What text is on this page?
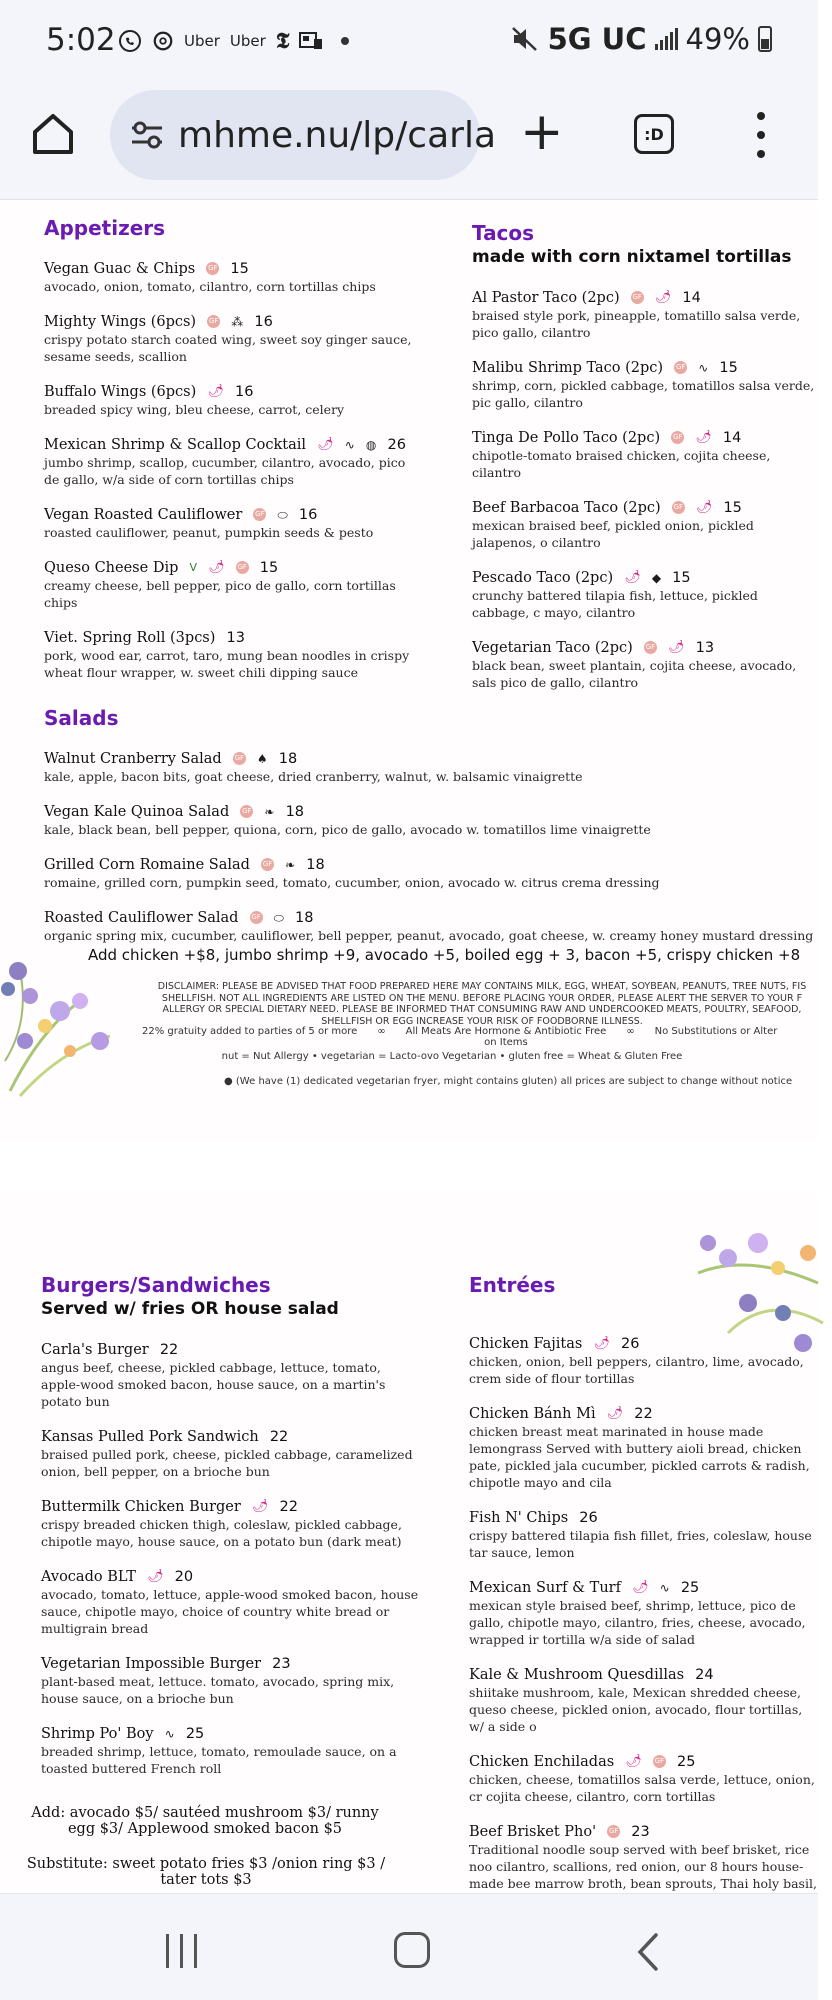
5:02	Uber Uber 𝕿	5G UC 49%
mhme.nu/lp/carla +	:D
Appetizers
Vegan Guac & Chips GF 15
avocado, onion, tomato, cilantro, corn tortillas chips
Mighty Wings (6pcs) GF ⁂ 16
crispy potato starch coated wing, sweet soy ginger sauce, sesame seeds, scallion
Buffalo Wings (6pcs) 🌶 16
breaded spicy wing, bleu cheese, carrot, celery
Mexican Shrimp & Scallop Cocktail 🌶 ∿ ◍ 26
jumbo shrimp, scallop, cucumber, cilantro, avocado, pico de gallo, w/a side of corn tortillas chips
Vegan Roasted Cauliflower GF ⬭ 16
roasted cauliflower, peanut, pumpkin seeds & pesto
Queso Cheese Dip V 🌶 GF 15
creamy cheese, bell pepper, pico de gallo, corn tortillas chips
Viet. Spring Roll (3pcs) 13
pork, wood ear, carrot, taro, mung bean noodles in crispy wheat flour wrapper, w. sweet chili dipping sauce
Tacos
made with corn nixtamel tortillas
Al Pastor Taco (2pc) GF 🌶 14
braised style pork, pineapple, tomatillo salsa verde, pico gallo, cilantro
Malibu Shrimp Taco (2pc) GF ∿ 15
shrimp, corn, pickled cabbage, tomatillos salsa verde, pic gallo, cilantro
Tinga De Pollo Taco (2pc) GF 🌶 14
chipotle-tomato braised chicken, cojita cheese, cilantro
Beef Barbacoa Taco (2pc) GF 🌶 15
mexican braised beef, pickled onion, pickled jalapenos, o cilantro
Pescado Taco (2pc) 🌶 ◆ 15
crunchy battered tilapia fish, lettuce, pickled cabbage, c mayo, cilantro
Vegetarian Taco (2pc) GF 🌶 13
black bean, sweet plantain, cojita cheese, avocado, sals pico de gallo, cilantro
Salads
Walnut Cranberry Salad GF ♠ 18
kale, apple, bacon bits, goat cheese, dried cranberry, walnut, w. balsamic vinaigrette
Vegan Kale Quinoa Salad GF ❧ 18
kale, black bean, bell pepper, quiona, corn, pico de gallo, avocado w. tomatillos lime vinaigrette
Grilled Corn Romaine Salad GF ❧ 18
romaine, grilled corn, pumpkin seed, tomato, cucumber, onion, avocado w. citrus crema dressing
Roasted Cauliflower Salad GF ⬭ 18
organic spring mix, cucumber, cauliflower, bell pepper, peanut, avocado, goat cheese, w. creamy honey mustard dressing
Add chicken +$8, jumbo shrimp +9, avocado +5, boiled egg + 3, bacon +5, crispy chicken +8
DISCLAIMER: PLEASE BE ADVISED THAT FOOD PREPARED HERE MAY CONTAINS MILK, EGG, WHEAT, SOYBEAN, PEANUTS, TREE NUTS, FIS SHELLFISH. NOT ALL INGREDIENTS ARE LISTED ON THE MENU. BEFORE PLACING YOUR ORDER, PLEASE ALERT THE SERVER TO YOUR F ALLERGY OR SPECIAL DIETARY NEED. PLEASE BE INFORMED THAT CONSUMING RAW AND UNDERCOOKED MEATS, POULTRY, SEAFOOD, SHELLFISH OR EGG INCREASE YOUR RISK OF FOODBORNE ILLNESS.
22% gratuity added to parties of 5 or more ∞ All Meats Are Hormone & Antibiotic Free
on Items
∞ No Substitutions or Alter
nut = Nut Allergy • vegetarian = Lacto-ovo Vegetarian • gluten free = Wheat & Gluten Free
● (We have (1) dedicated vegetarian fryer, might contains gluten) all prices are subject to change without notice
Burgers/Sandwiches
Served w/ fries OR house salad
Carla's Burger 22
angus beef, cheese, pickled cabbage, lettuce, tomato, apple-wood smoked bacon, house sauce, on a martin's potato bun
Kansas Pulled Pork Sandwich 22
braised pulled pork, cheese, pickled cabbage, caramelized onion, bell pepper, on a brioche bun
Buttermilk Chicken Burger 🌶 22
crispy breaded chicken thigh, coleslaw, pickled cabbage, chipotle mayo, house sauce, on a potato bun (dark meat)
Avocado BLT 🌶 20
avocado, tomato, lettuce, apple-wood smoked bacon, house sauce, chipotle mayo, choice of country white bread or multigrain bread
Vegetarian Impossible Burger 23
plant-based meat, lettuce. tomato, avocado, spring mix, house sauce, on a brioche bun
Shrimp Po' Boy ∿ 25
breaded shrimp, lettuce, tomato, remoulade sauce, on a toasted buttered French roll
Add: avocado $5/ sautéed mushroom $3/ runny egg $3/ Applewood smoked bacon $5
Substitute: sweet potato fries $3 /onion ring $3 / tater tots $3
Entrées
Chicken Fajitas 🌶 26
chicken, onion, bell peppers, cilantro, lime, avocado, crem side of flour tortillas
Chicken Bánh Mì 🌶 22
chicken breast meat marinated in house made lemongrass Served with buttery aioli bread, chicken pate, pickled jala cucumber, pickled carrots & radish, chipotle mayo and cila
Fish N' Chips 26
crispy battered tilapia fish fillet, fries, coleslaw, house tar sauce, lemon
Mexican Surf & Turf 🌶 ∿ 25
mexican style braised beef, shrimp, lettuce, pico de gallo, chipotle mayo, cilantro, fries, cheese, avocado, wrapped ir tortilla w/a side of salad
Kale & Mushroom Quesdillas 24
shiitake mushroom, kale, Mexican shredded cheese, queso cheese, pickled onion, avocado, flour tortillas, w/ a side o
Chicken Enchiladas 🌶 GF 25
chicken, cheese, tomatillos salsa verde, lettuce, onion, cr cojita cheese, cilantro, corn tortillas
Beef Brisket Pho' GF 23
Traditional noodle soup served with beef brisket, rice noo cilantro, scallions, red onion, our 8 hours house-made bee marrow broth, bean sprouts, Thai holy basil,
